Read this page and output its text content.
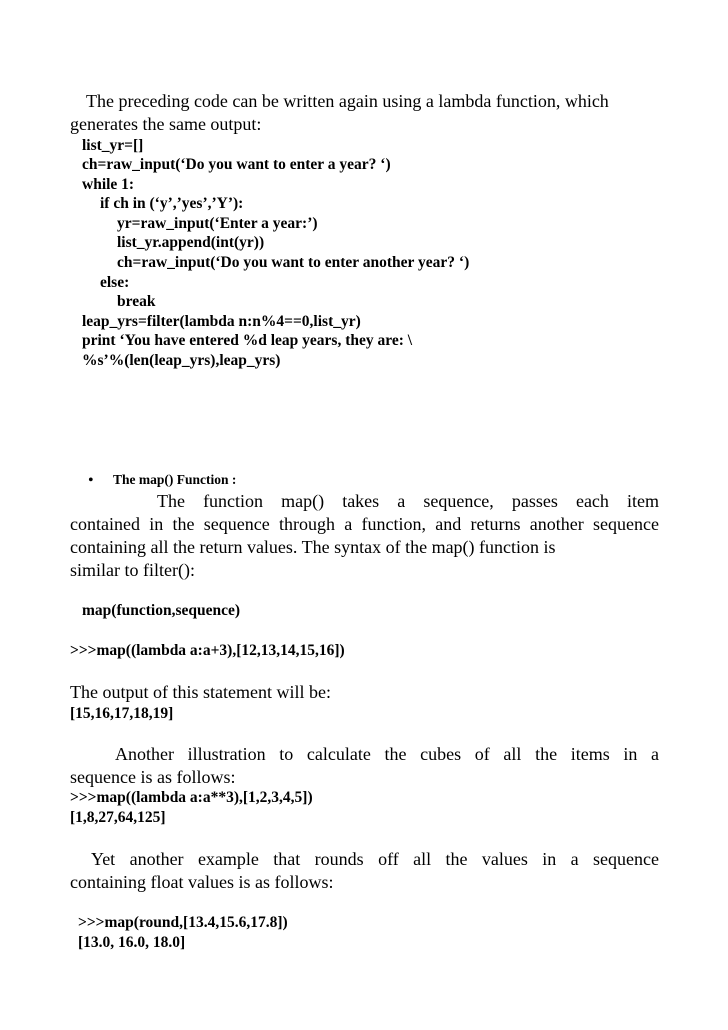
The preceding code can be written again using a lambda function, which
generates the same output:
list_yr=[]
ch=raw_input(‘Do you want to enter a year? ‘)
while 1:
if ch in (‘y’,’yes’,’Y’):
yr=raw_input(‘Enter a year:’)
list_yr.append(int(yr))
ch=raw_input(‘Do you want to enter another year? ‘)
else:
break
leap_yrs=filter(lambda n:n%4==0,list_yr)
print ‘You have entered %d leap years, they are: \
%s’%(len(leap_yrs),leap_yrs)
• The map() Function :
The function map() takes a sequence, passes each item
contained in the sequence through a function, and returns another sequence
containing all the return values. The syntax of the map() function is
similar to filter():
map(function,sequence)
>>>map((lambda a:a+3),[12,13,14,15,16])
The output of this statement will be:
[15,16,17,18,19]
Another illustration to calculate the cubes of all the items in a
sequence is as follows:
>>>map((lambda a:a**3),[1,2,3,4,5])
[1,8,27,64,125]
Yet another example that rounds off all the values in a sequence
containing float values is as follows:
>>>map(round,[13.4,15.6,17.8])
[13.0, 16.0, 18.0]
